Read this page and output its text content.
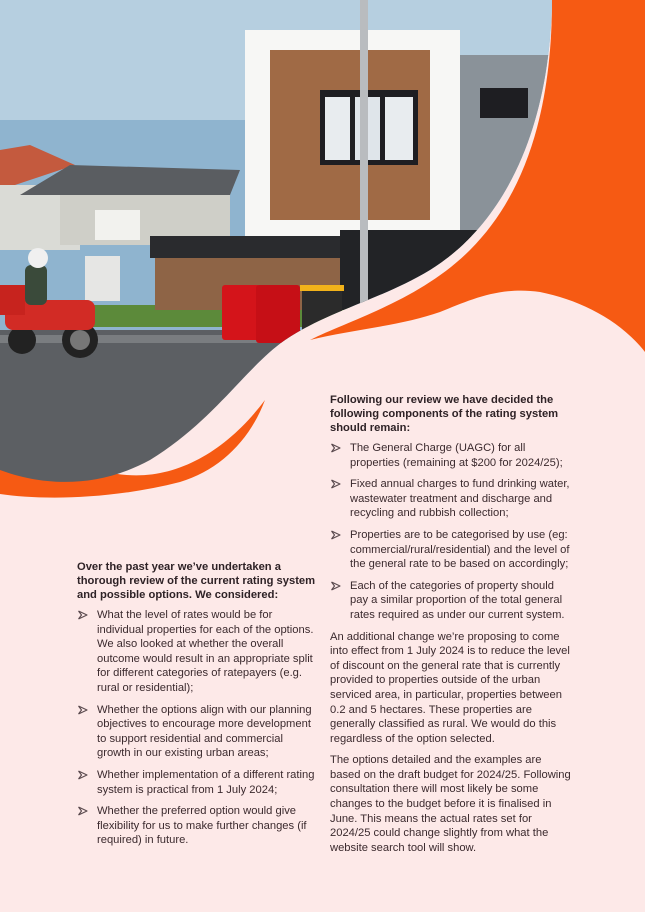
Over the past year we’ve undertaken a thorough review of the current rating system and possible options. We considered:
What the level of rates would be for individual properties for each of the options. We also looked at whether the overall outcome would result in an appropriate split for different categories of ratepayers (e.g. rural or residential);
Whether the options align with our planning objectives to encourage more development to support residential and commercial growth in our existing urban areas;
Whether implementation of a different rating system is practical from 1 July 2024;
Whether the preferred option would give flexibility for us to make further changes (if required) in future.
Following our review we have decided the following components of the rating system should remain:
The General Charge (UAGC) for all properties (remaining at $200 for 2024/25);
Fixed annual charges to fund drinking water, wastewater treatment and discharge and recycling and rubbish collection;
Properties are to be categorised by use (eg: commercial/rural/residential) and the level of the general rate to be based on accordingly;
Each of the categories of property should pay a similar proportion of the total general rates required as under our current system.

An additional change we’re proposing to come into effect from 1 July 2024 is to reduce the level of discount on the general rate that is currently provided to properties outside of the urban serviced area, in particular, properties between 0.2 and 5 hectares. These properties are generally classified as rural. We would do this regardless of the option selected.

The options detailed and the examples are based on the draft budget for 2024/25. Following consultation there will most likely be some changes to the budget before it is finalised in June. This means the actual rates set for 2024/25 could change slightly from what the website search tool will show.
